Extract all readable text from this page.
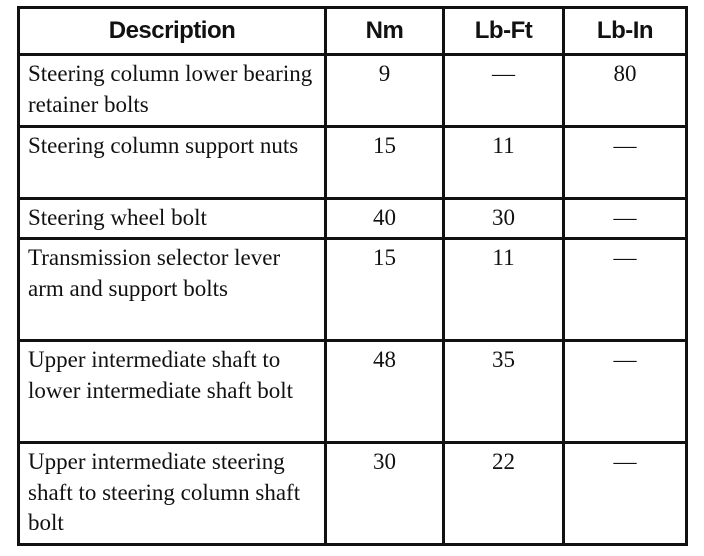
Description	Nm	Lb-Ft	Lb-In
Steering column lower bearing retainer bolts	9	—	80
Steering column support nuts	15	11	—
Steering wheel bolt	40	30	—
Transmission selector lever arm and support bolts	15	11	—
Upper intermediate shaft to lower intermediate shaft bolt	48	35	—
Upper intermediate steering shaft to steering column shaft bolt	30	22	—
